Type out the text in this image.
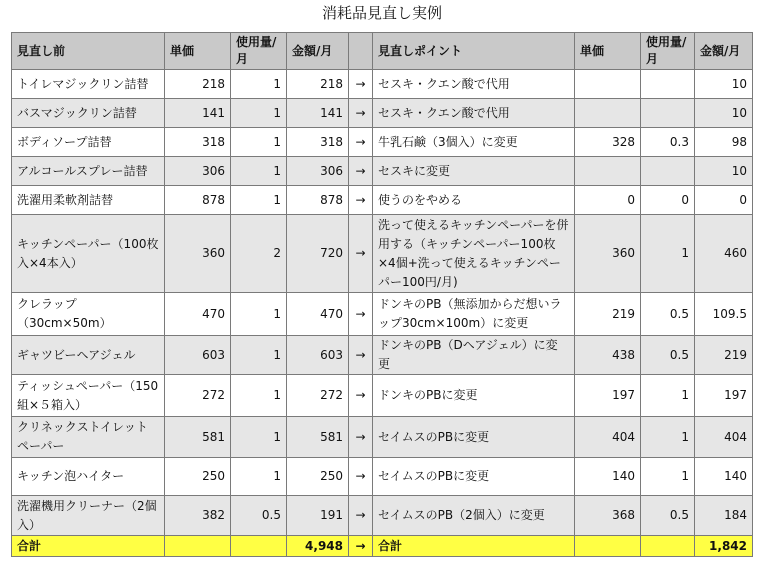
消耗品見直し実例
見直し前	単価	使用量/月	金額/月		見直しポイント	単価	使用量/月	金額/月
トイレマジックリン詰替	218	1	218	→	セスキ・クエン酸で代用			10
バスマジックリン詰替	141	1	141	→	セスキ・クエン酸で代用			10
ボディソープ詰替	318	1	318	→	牛乳石鹸（3個入）に変更	328	0.3	98
アルコールスプレー詰替	306	1	306	→	セスキに変更			10
洗濯用柔軟剤詰替	878	1	878	→	使うのをやめる	0	0	0
キッチンペーパー（100枚入×4本入）	360	2	720	→	洗って使えるキッチンペーパーを併用する（キッチンペーパー100枚×4個+洗って使えるキッチンペーパー100円/月)	360	1	460
クレラップ（30cm×50m）	470	1	470	→	ドンキのPB（無添加からだ想いラップ30cm×100m）に変更	219	0.5	109.5
ギャツビーヘアジェル	603	1	603	→	ドンキのPB（Dヘアジェル）に変更	438	0.5	219
ティッシュペーパー（150組×５箱入）	272	1	272	→	ドンキのPBに変更	197	1	197
クリネックストイレットペーパー	581	1	581	→	セイムスのPBに変更	404	1	404
キッチン泡ハイター	250	1	250	→	セイムスのPBに変更	140	1	140
洗濯機用クリーナー（2個入）	382	0.5	191	→	セイムスのPB（2個入）に変更	368	0.5	184
合計			4,948	→	合計			1,842
